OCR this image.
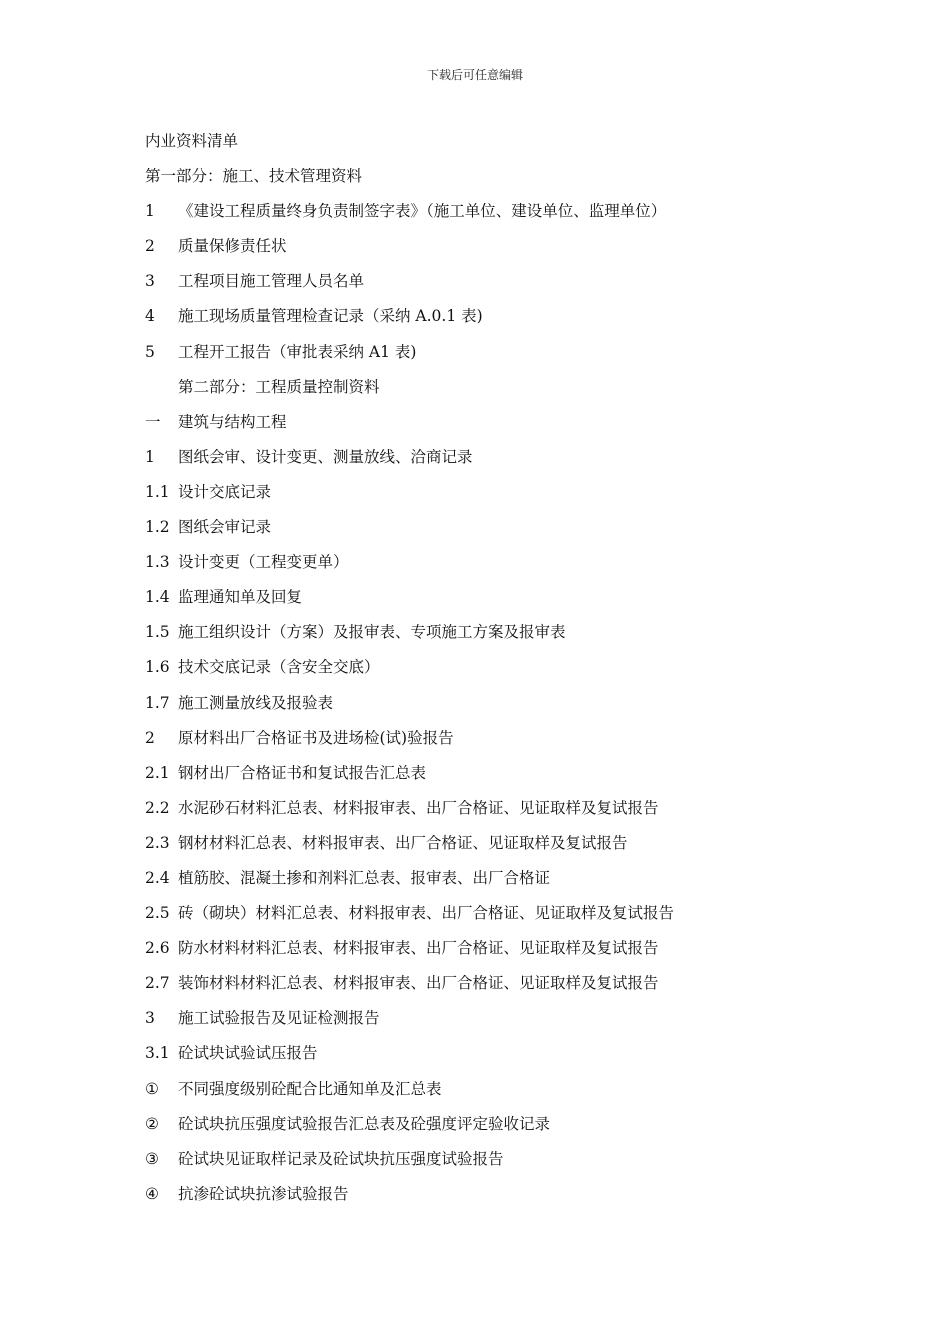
下载后可任意编辑
内业资料清单
第一部分：施工、技术管理资料
1	《建设工程质量终身负责制签字表》（施工单位、建设单位、监理单位）
2	质量保修责任状
3	工程项目施工管理人员名单
4	施工现场质量管理检查记录（采纳 A.0.1 表)
5	工程开工报告（审批表采纳 A1 表)
第二部分：工程质量控制资料
一	建筑与结构工程
1	图纸会审、设计变更、测量放线、洽商记录
1.1 设计交底记录
1.2 图纸会审记录
1.3 设计变更（工程变更单）
1.4 监理通知单及回复
1.5 施工组织设计（方案）及报审表、专项施工方案及报审表
1.6 技术交底记录（含安全交底）
1.7 施工测量放线及报验表
2	原材料出厂合格证书及进场检(试)验报告
2.1 钢材出厂合格证书和复试报告汇总表
2.2 水泥砂石材料汇总表、材料报审表、出厂合格证、见证取样及复试报告
2.3 钢材材料汇总表、材料报审表、出厂合格证、见证取样及复试报告
2.4 植筋胶、混凝土掺和剂料汇总表、报审表、出厂合格证
2.5 砖（砌块）材料汇总表、材料报审表、出厂合格证、见证取样及复试报告
2.6 防水材料材料汇总表、材料报审表、出厂合格证、见证取样及复试报告
2.7 装饰材料材料汇总表、材料报审表、出厂合格证、见证取样及复试报告
3	施工试验报告及见证检测报告
3.1 砼试块试验试压报告
①	不同强度级别砼配合比通知单及汇总表
②	砼试块抗压强度试验报告汇总表及砼强度评定验收记录
③	砼试块见证取样记录及砼试块抗压强度试验报告
④	抗渗砼试块抗渗试验报告
